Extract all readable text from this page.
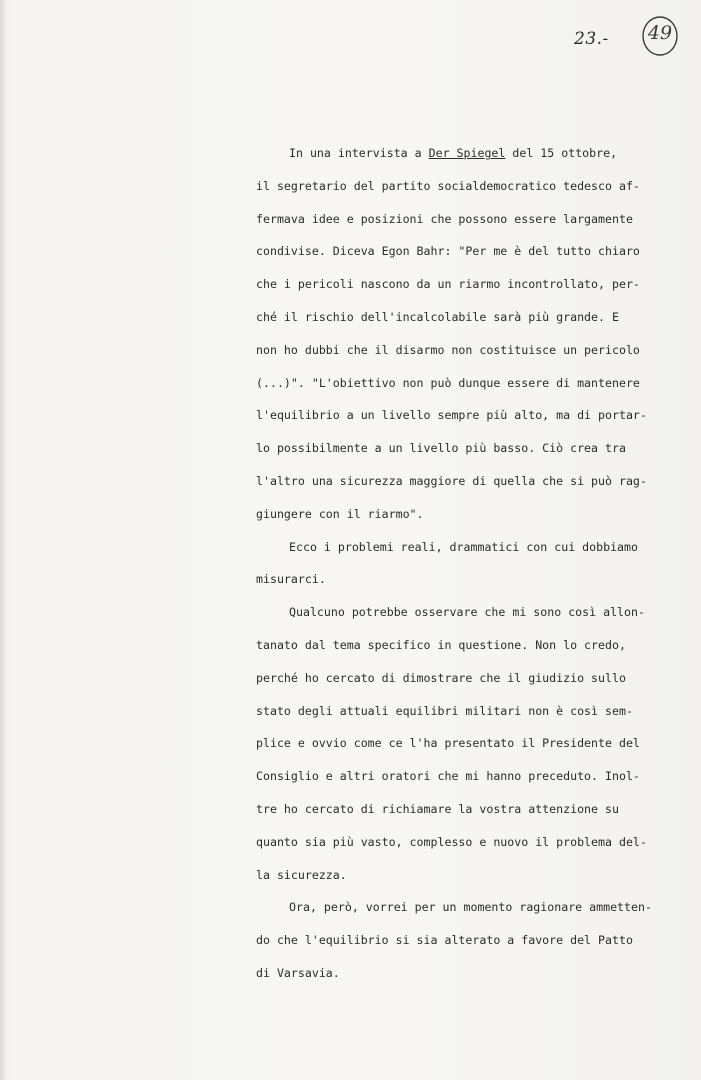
23.-	49
In una intervista a Der Spiegel del 15 ottobre,
il segretario del partito socialdemocratico tedesco af-
fermava idee e posizioni che possono essere largamente
condivise. Diceva Egon Bahr: "Per me è del tutto chiaro
che i pericoli nascono da un riarmo incontrollato, per-
ché il rischio dell'incalcolabile sarà più grande. E
non ho dubbi che il disarmo non costituisce un pericolo
(...)". "L'obiettivo non può dunque essere di mantenere
l'equilibrio a un livello sempre più alto, ma di portar-
lo possibilmente a un livello più basso. Ciò crea tra
l'altro una sicurezza maggiore di quella che si può rag-
giungere con il riarmo".
Ecco i problemi reali, drammatici con cui dobbiamo
misurarci.
Qualcuno potrebbe osservare che mi sono così allon-
tanato dal tema specifico in questione. Non lo credo,
perché ho cercato di dimostrare che il giudizio sullo
stato degli attuali equilibri militari non è così sem-
plice e ovvio come ce l'ha presentato il Presidente del
Consiglio e altri oratori che mi hanno preceduto. Inol-
tre ho cercato di richiamare la vostra attenzione su
quanto sia più vasto, complesso e nuovo il problema del-
la sicurezza.
Ora, però, vorrei per un momento ragionare ammetten-
do che l'equilibrio si sia alterato a favore del Patto
di Varsavia.
